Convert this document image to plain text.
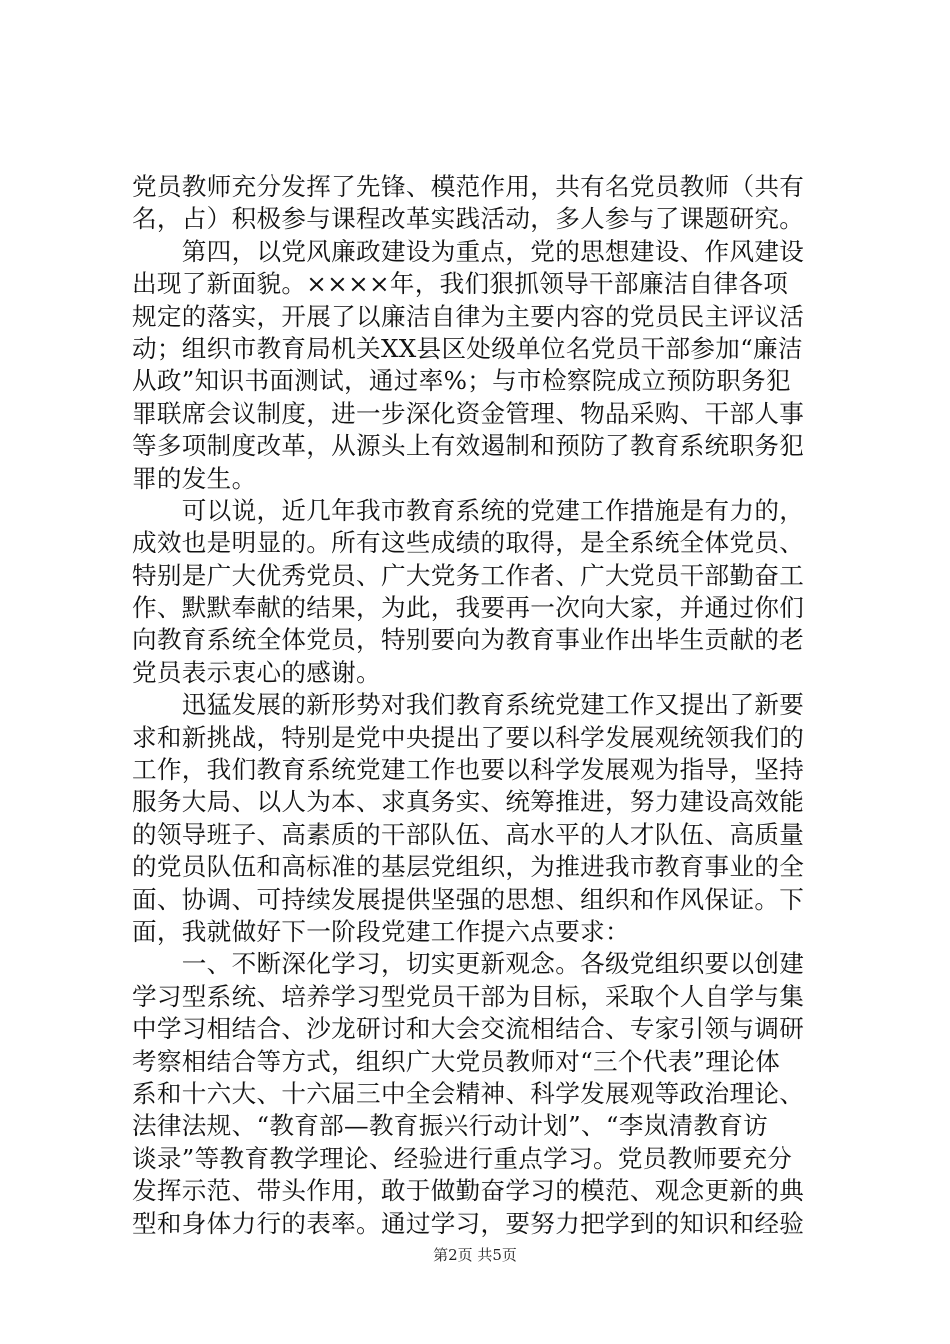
党员教师充分发挥了先锋、模范作用，共有名党员教师（共有
名，占）积极参与课程改革实践活动，多人参与了课题研究。
　　第四，以党风廉政建设为重点，党的思想建设、作风建设
出现了新面貌。××××年，我们狠抓领导干部廉洁自律各项
规定的落实，开展了以廉洁自律为主要内容的党员民主评议活
动；组织市教育局机关XX县区处级单位名党员干部参加“廉洁
从政”知识书面测试，通过率%；与市检察院成立预防职务犯
罪联席会议制度，进一步深化资金管理、物品采购、干部人事
等多项制度改革，从源头上有效遏制和预防了教育系统职务犯
罪的发生。
　　可以说，近几年我市教育系统的党建工作措施是有力的，
成效也是明显的。所有这些成绩的取得，是全系统全体党员、
特别是广大优秀党员、广大党务工作者、广大党员干部勤奋工
作、默默奉献的结果，为此，我要再一次向大家，并通过你们
向教育系统全体党员，特别要向为教育事业作出毕生贡献的老
党员表示衷心的感谢。
　　迅猛发展的新形势对我们教育系统党建工作又提出了新要
求和新挑战，特别是党中央提出了要以科学发展观统领我们的
工作，我们教育系统党建工作也要以科学发展观为指导，坚持
服务大局、以人为本、求真务实、统筹推进，努力建设高效能
的领导班子、高素质的干部队伍、高水平的人才队伍、高质量
的党员队伍和高标准的基层党组织，为推进我市教育事业的全
面、协调、可持续发展提供坚强的思想、组织和作风保证。下
面，我就做好下一阶段党建工作提六点要求：
　　一、不断深化学习，切实更新观念。各级党组织要以创建
学习型系统、培养学习型党员干部为目标，采取个人自学与集
中学习相结合、沙龙研讨和大会交流相结合、专家引领与调研
考察相结合等方式，组织广大党员教师对“三个代表”理论体
系和十六大、十六届三中全会精神、科学发展观等政治理论、
法律法规、“教育部—教育振兴行动计划”、“李岚清教育访
谈录”等教育教学理论、经验进行重点学习。党员教师要充分
发挥示范、带头作用，敢于做勤奋学习的模范、观念更新的典
型和身体力行的表率。通过学习，要努力把学到的知识和经验
第2页 共5页
